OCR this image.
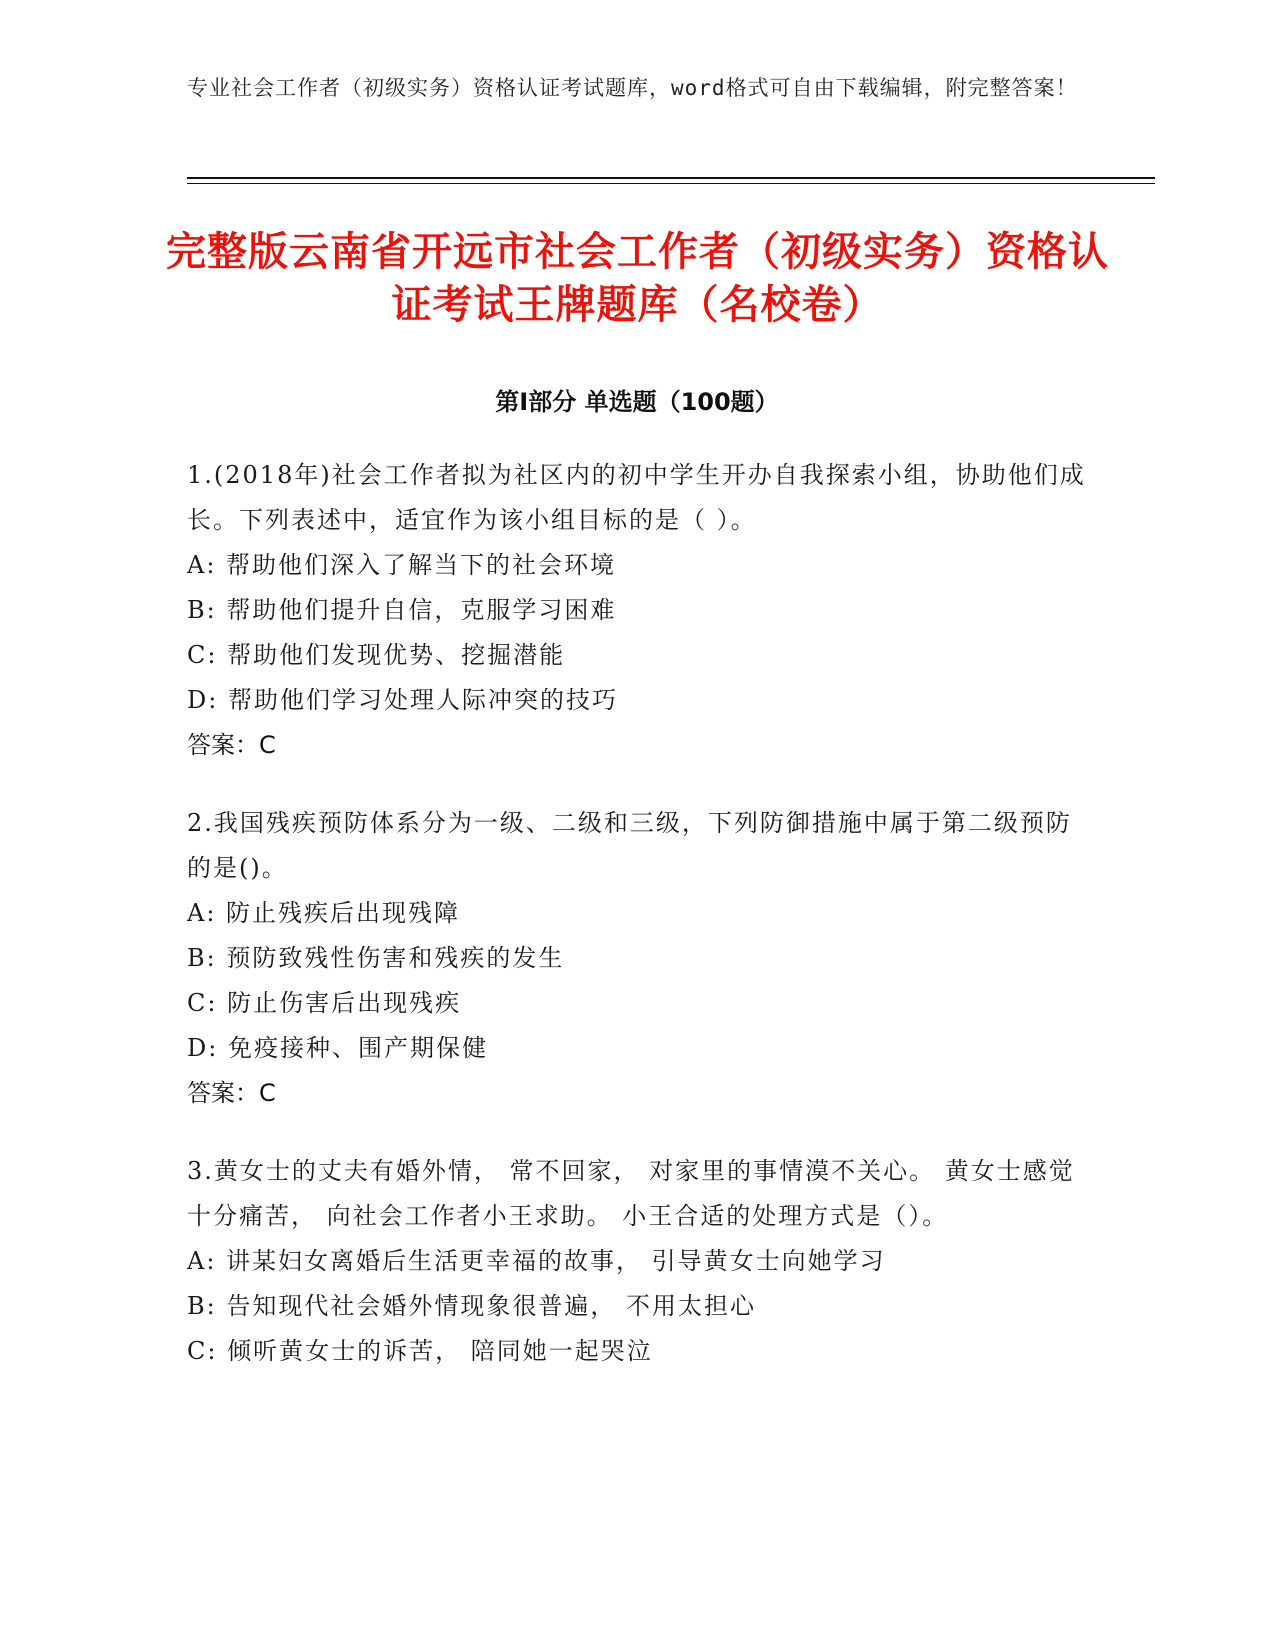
专业社会工作者（初级实务）资格认证考试题库，word格式可自由下载编辑，附完整答案！
完整版云南省开远市社会工作者（初级实务）资格认证考试王牌题库（名校卷）
第Ⅰ部分 单选题（100题）
1.(2018年)社会工作者拟为社区内的初中学生开办自我探索小组，协助他们成长。下列表述中，适宜作为该小组目标的是（ ）。
A: 帮助他们深入了解当下的社会环境
B: 帮助他们提升自信，克服学习困难
C: 帮助他们发现优势、挖掘潜能
D: 帮助他们学习处理人际冲突的技巧
答案：C
2.我国残疾预防体系分为一级、二级和三级，下列防御措施中属于第二级预防的是()。
A: 防止残疾后出现残障
B: 预防致残性伤害和残疾的发生
C: 防止伤害后出现残疾
D: 免疫接种、围产期保健
答案：C
3.黄女士的丈夫有婚外情， 常不回家， 对家里的事情漠不关心。 黄女士感觉十分痛苦， 向社会工作者小王求助。 小王合适的处理方式是（）。
A: 讲某妇女离婚后生活更幸福的故事， 引导黄女士向她学习
B: 告知现代社会婚外情现象很普遍， 不用太担心
C: 倾听黄女士的诉苦， 陪同她一起哭泣
